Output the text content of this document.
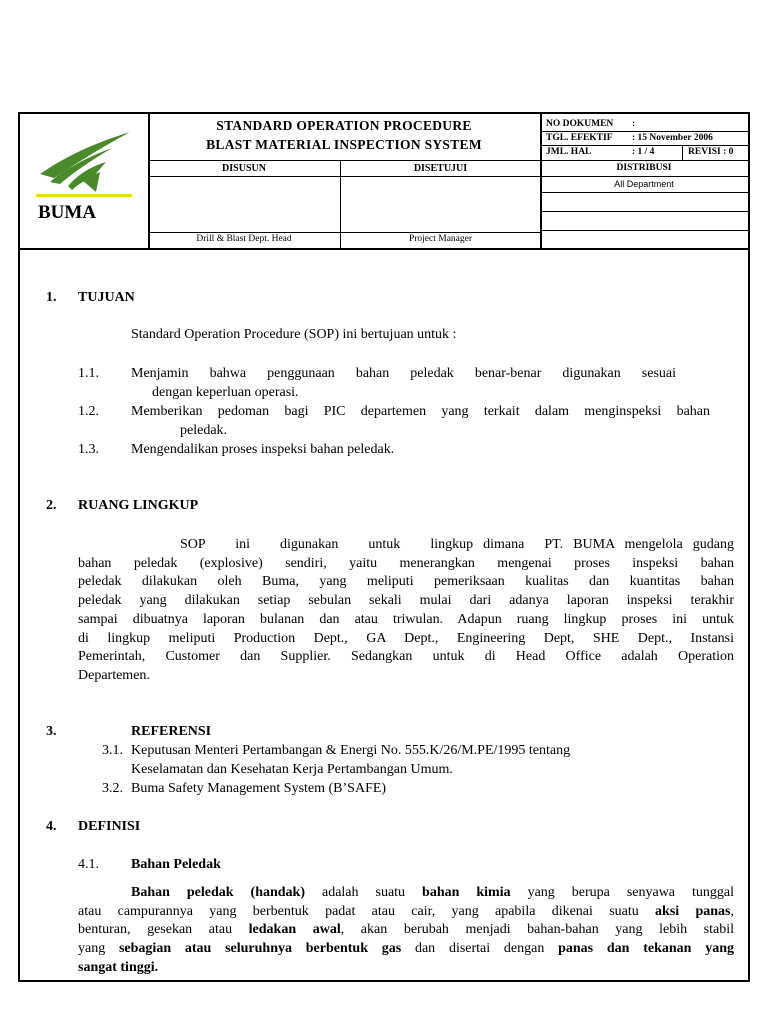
BUMA
STANDARD OPERATION PROCEDURE
BLAST MATERIAL INSPECTION SYSTEM
DISUSUN	DISETUJUI
Drill & Blast Dept. Head	Project Manager
NO DOKUMEN :
TGL. EFEKTIF : 15 November 2006
JML. HAL	: 1 / 4	REVISI : 0
DISTRIBUSI
All Department
1. TUJUAN
Standard Operation Procedure (SOP) ini bertujuan untuk :
1.1. Menjamin bahwa penggunaan bahan peledak benar-benar digunakan sesuai
dengan keperluan operasi.
1.2. Memberikan pedoman bagi PIC departemen yang terkait dalam menginspeksi bahan
peledak.
1.3. Mengendalikan proses inspeksi bahan peledak.
2. RUANG LINGKUP
SOP   ini   digunakan   untuk   lingkup dimana  PT. BUMA mengelola gudang
bahan peledak (explosive) sendiri, yaitu menerangkan mengenai proses inspeksi bahan
peledak dilakukan oleh Buma, yang meliputi pemeriksaan kualitas dan kuantitas bahan
peledak yang dilakukan setiap sebulan sekali mulai dari adanya laporan inspeksi terakhir
sampai dibuatnya laporan bulanan dan atau triwulan. Adapun ruang lingkup proses ini untuk
di lingkup meliputi Production Dept., GA Dept., Engineering Dept, SHE Dept., Instansi
Pemerintah, Customer dan Supplier. Sedangkan untuk di Head Office adalah Operation
Departemen.
3.	REFERENSI
3.1. Keputusan Menteri Pertambangan & Energi No. 555.K/26/M.PE/1995 tentang
Keselamatan dan Kesehatan Kerja Pertambangan Umum.
3.2. Buma Safety Management System (B’SAFE)
4. DEFINISI
4.1. Bahan Peledak
Bahan peledak (handak) adalah suatu bahan kimia yang berupa senyawa tunggal
atau campurannya yang berbentuk padat atau cair, yang apabila dikenai suatu aksi panas,
benturan, gesekan atau ledakan awal, akan berubah menjadi bahan-bahan yang lebih stabil
yang sebagian atau seluruhnya berbentuk gas dan disertai dengan panas dan tekanan yang
sangat tinggi.
